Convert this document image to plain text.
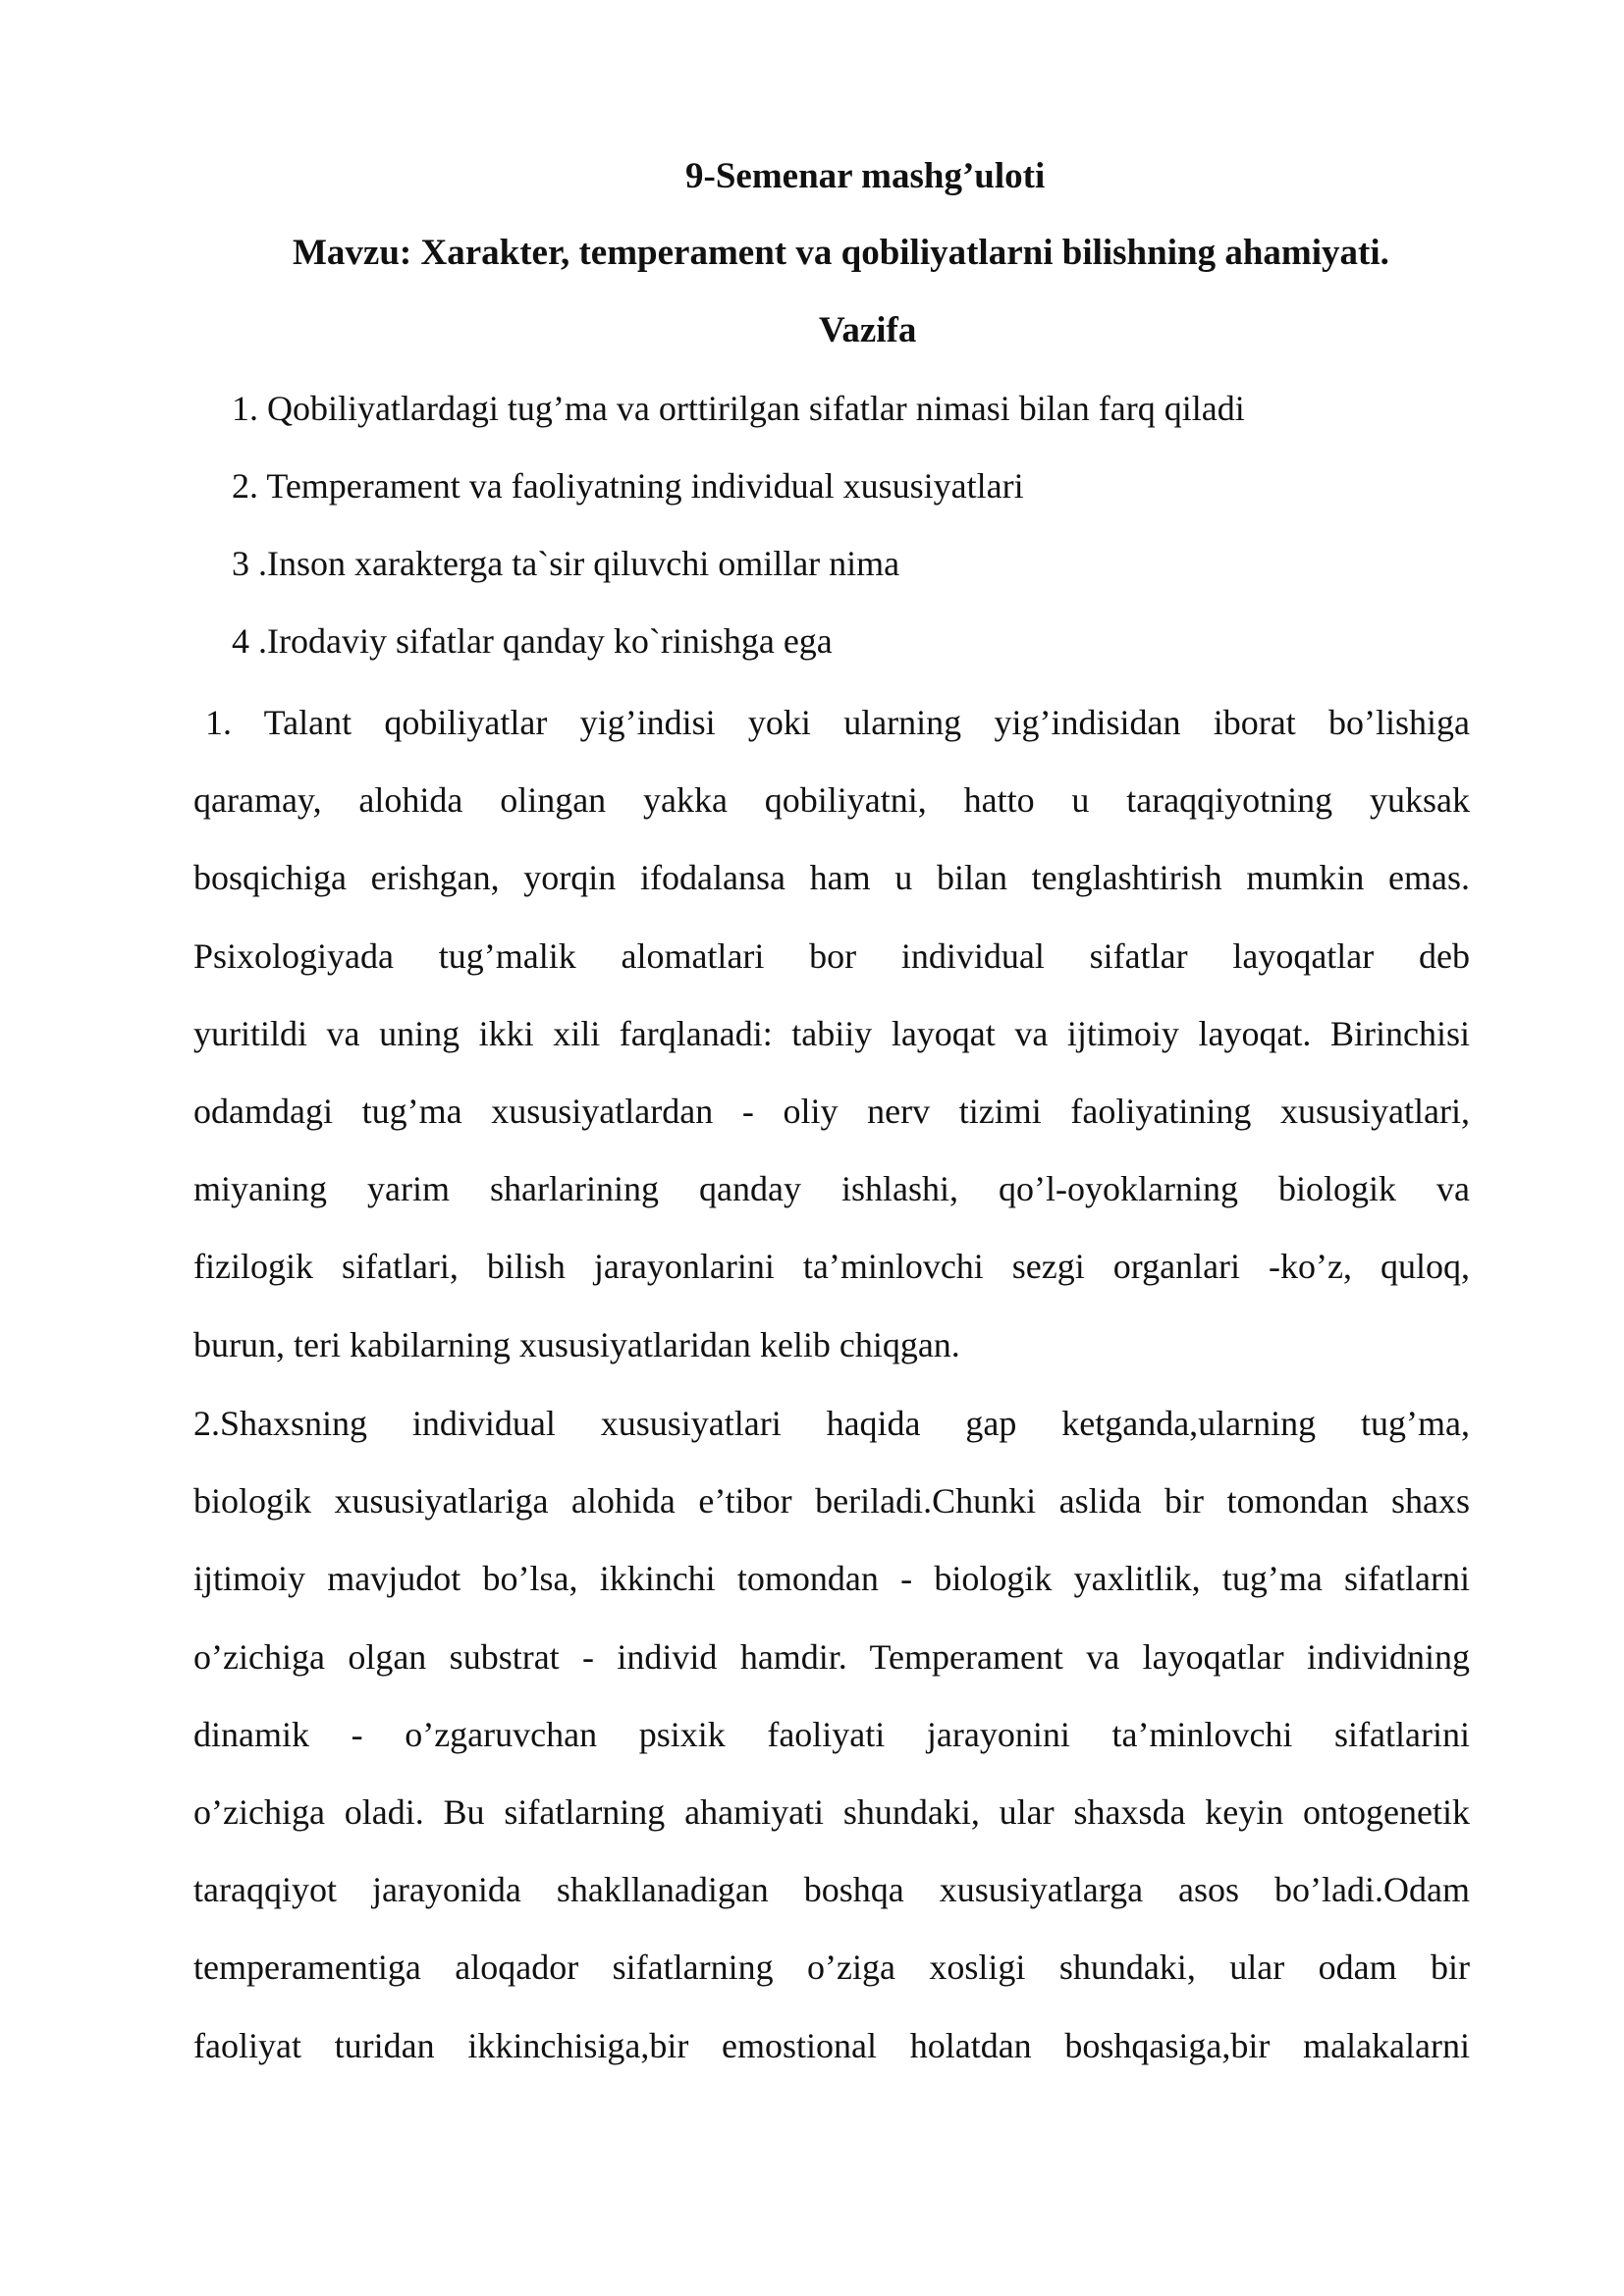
9-Semenar mashg’uloti
Mavzu: Xarakter, temperament va qobiliyatlarni bilishning ahamiyati.
Vazifa
1. Qobiliyatlardagi tug’ma va orttirilgan sifatlar nimasi bilan farq qiladi
2. Temperament va faoliyatning individual xususiyatlari
3 .Inson xarakterga ta`sir qiluvchi omillar nima
4 .Irodaviy sifatlar qanday ko`rinishga ega
1. Talant qobiliyatlar yig’indisi yoki ularning yig’indisidan iborat bo’lishiga
qaramay, alohida olingan yakka qobiliyatni, hatto u taraqqiyotning yuksak
bosqichiga erishgan, yorqin ifodalansa ham u bilan tenglashtirish mumkin emas.
Psixologiyada tug’malik alomatlari bor individual sifatlar layoqatlar deb
yuritildi va uning ikki xili farqlanadi: tabiiy layoqat va ijtimoiy layoqat. Birinchisi
odamdagi tug’ma xususiyatlardan - oliy nerv tizimi faoliyatining xususiyatlari,
miyaning yarim sharlarining qanday ishlashi, qo’l-oyoklarning biologik va
fizilogik sifatlari, bilish jarayonlarini ta’minlovchi sezgi organlari -ko’z, quloq,
burun, teri kabilarning xususiyatlaridan kelib chiqgan.
2.Shaxsning individual xususiyatlari haqida gap ketganda,ularning tug’ma,
biologik xususiyatlariga alohida e’tibor beriladi.Chunki aslida bir tomondan shaxs
ijtimoiy mavjudot bo’lsa, ikkinchi tomondan - biologik yaxlitlik, tug’ma sifatlarni
o’zichiga olgan substrat - individ hamdir. Temperament va layoqatlar individning
dinamik - o’zgaruvchan psixik faoliyati jarayonini ta’minlovchi sifatlarini
o’zichiga oladi. Bu sifatlarning ahamiyati shundaki, ular shaxsda keyin ontogenetik
taraqqiyot jarayonida shakllanadigan boshqa xususiyatlarga asos bo’ladi.Odam
temperamentiga aloqador sifatlarning o’ziga xosligi shundaki, ular odam bir
faoliyat turidan ikkinchisiga,bir emostional holatdan boshqasiga,bir malakalarni
